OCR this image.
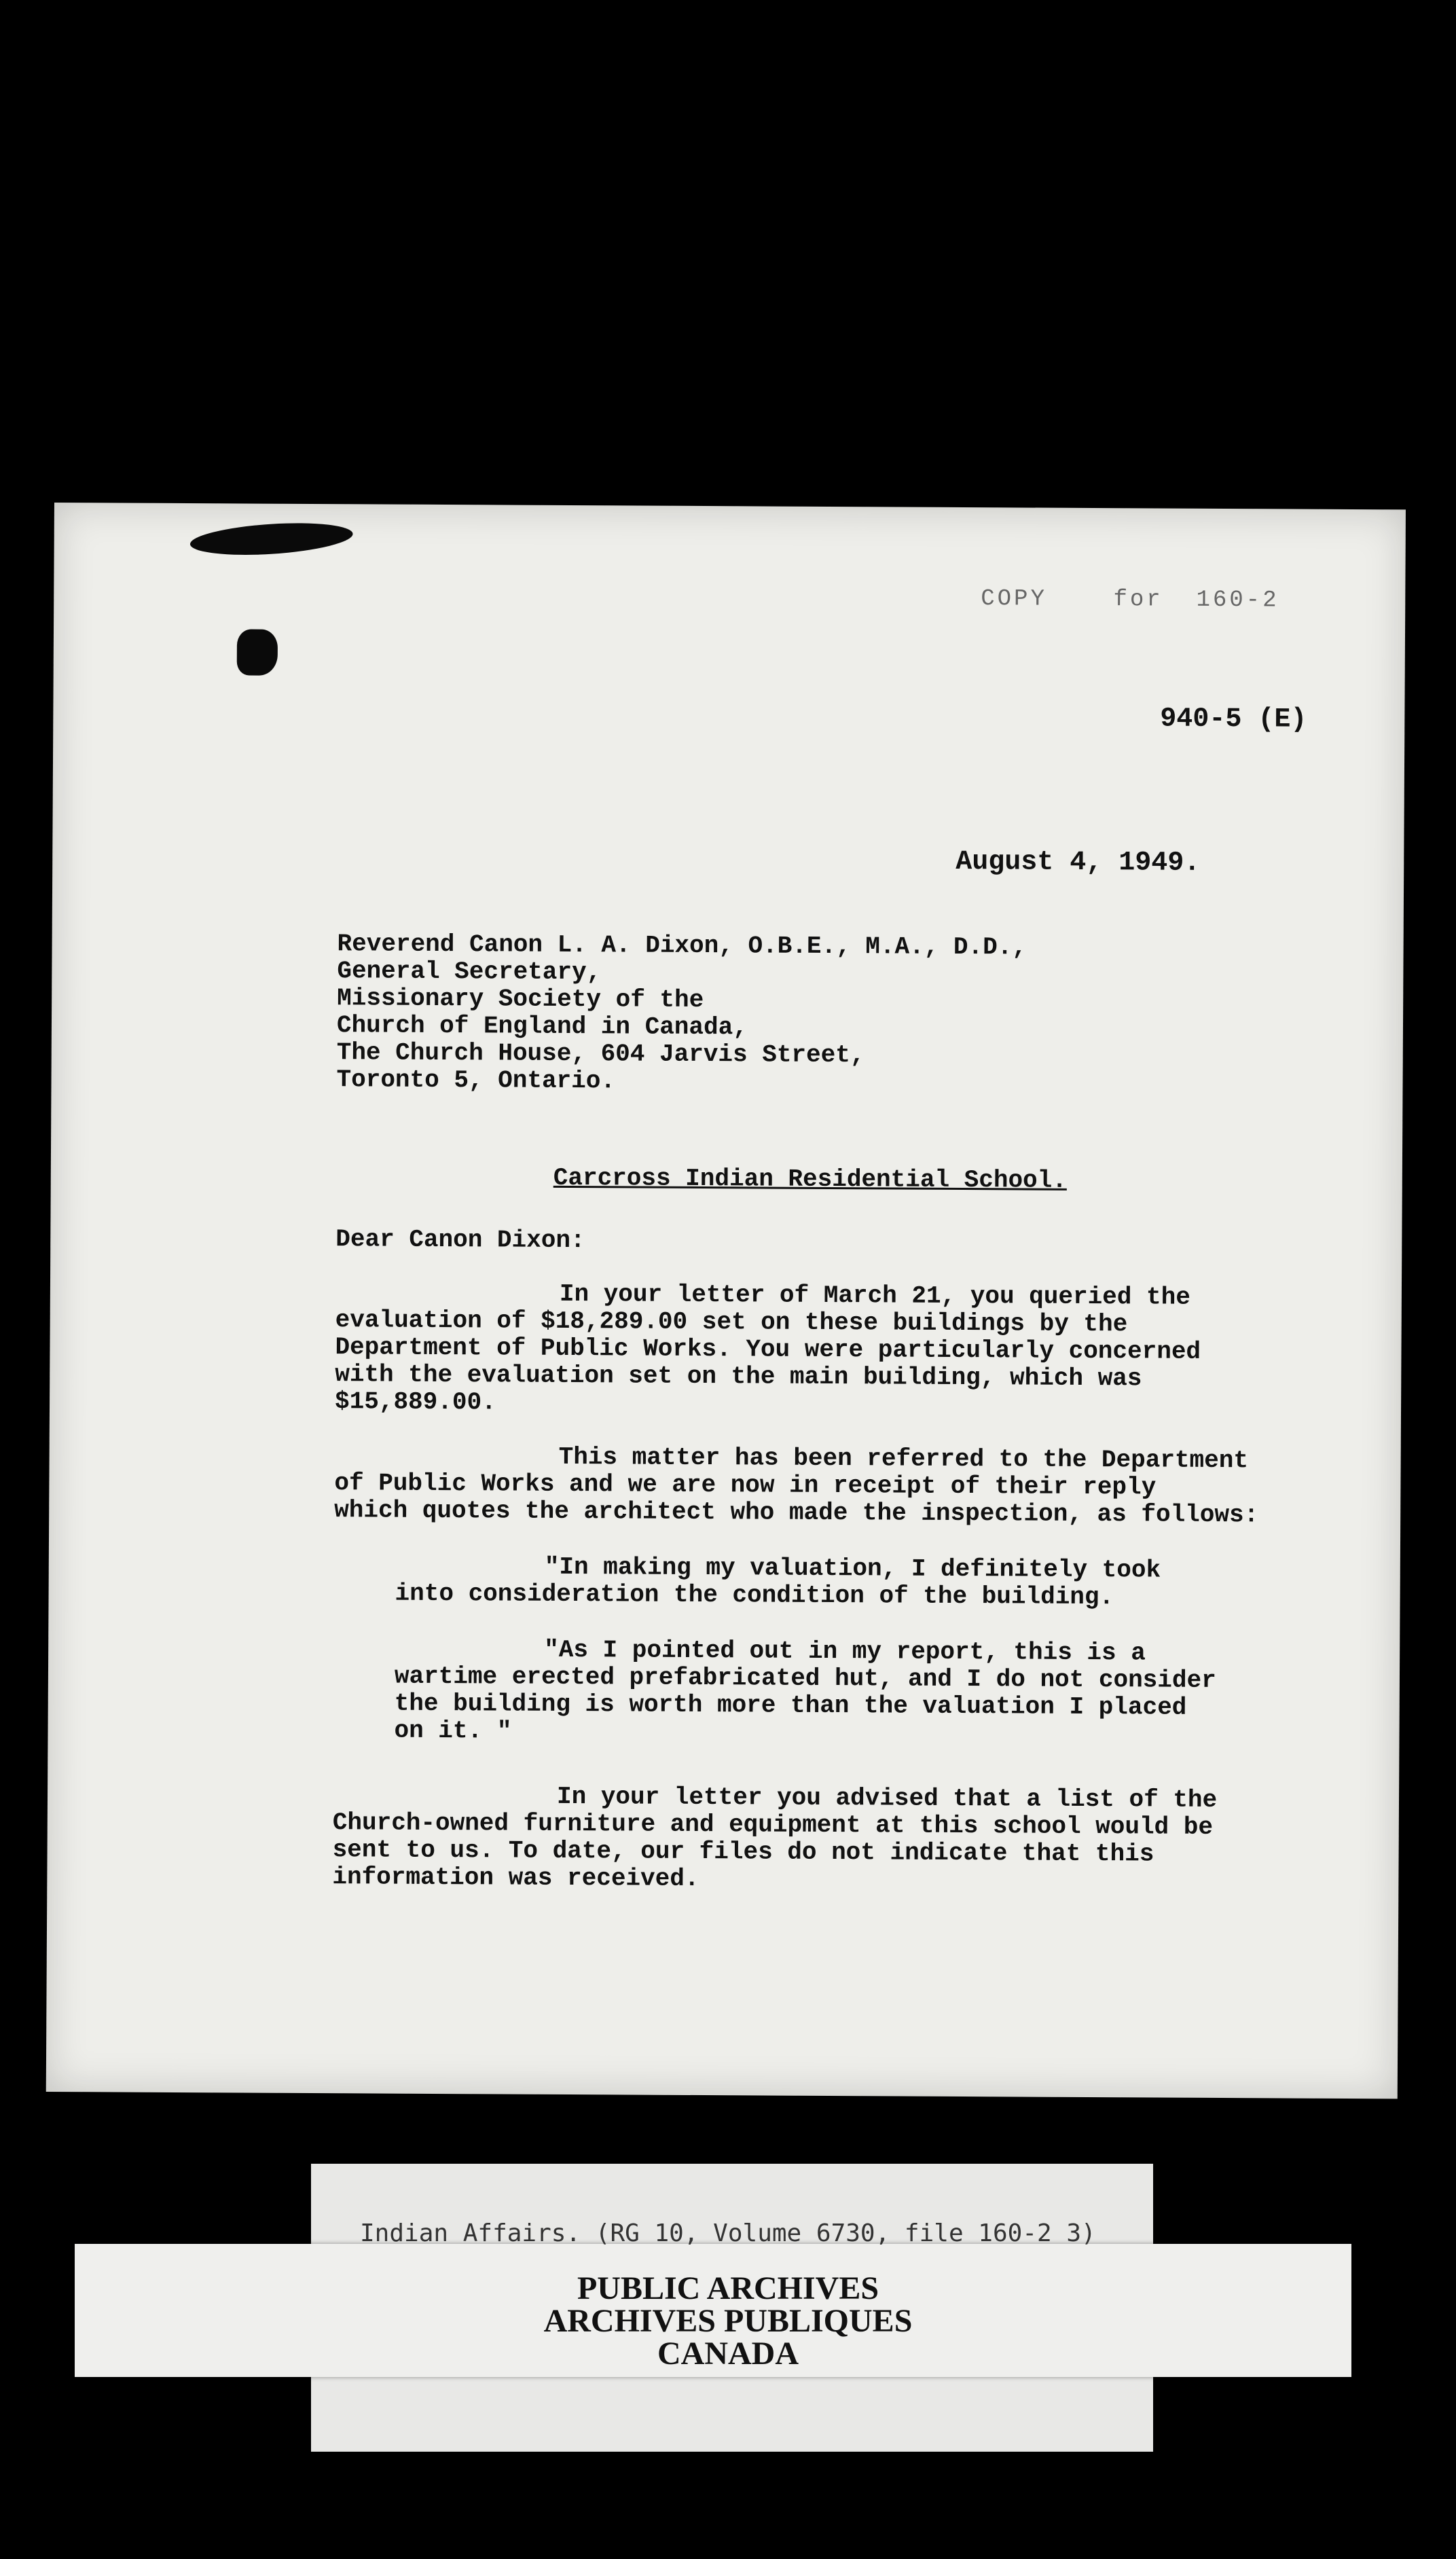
COPY    for  160-2
940-5 (E)
August 4, 1949.
Reverend Canon L. A. Dixon, O.B.E., M.A., D.D.,
General Secretary,
Missionary Society of the
Church of England in Canada,
The Church House, 604 Jarvis Street,
Toronto 5, Ontario.
Carcross Indian Residential School.
Dear Canon Dixon:
In your letter of March 21, you queried the
evaluation of $18,289.00 set on these buildings by the
Department of Public Works. You were particularly concerned
with the evaluation set on the main building, which was
$15,889.00.
This matter has been referred to the Department
of Public Works and we are now in receipt of their reply
which quotes the architect who made the inspection, as follows:
"In making my valuation, I definitely took
into consideration the condition of the building.
"As I pointed out in my report, this is a
wartime erected prefabricated hut, and I do not consider
the building is worth more than the valuation I placed
on it. "
In your letter you advised that a list of the
Church-owned furniture and equipment at this school would be
sent to us. To date, our files do not indicate that this
information was received.
Indian Affairs. (RG 10, Volume 6730, file 160-2 3)
PUBLIC ARCHIVES
ARCHIVES PUBLIQUES
CANADA
